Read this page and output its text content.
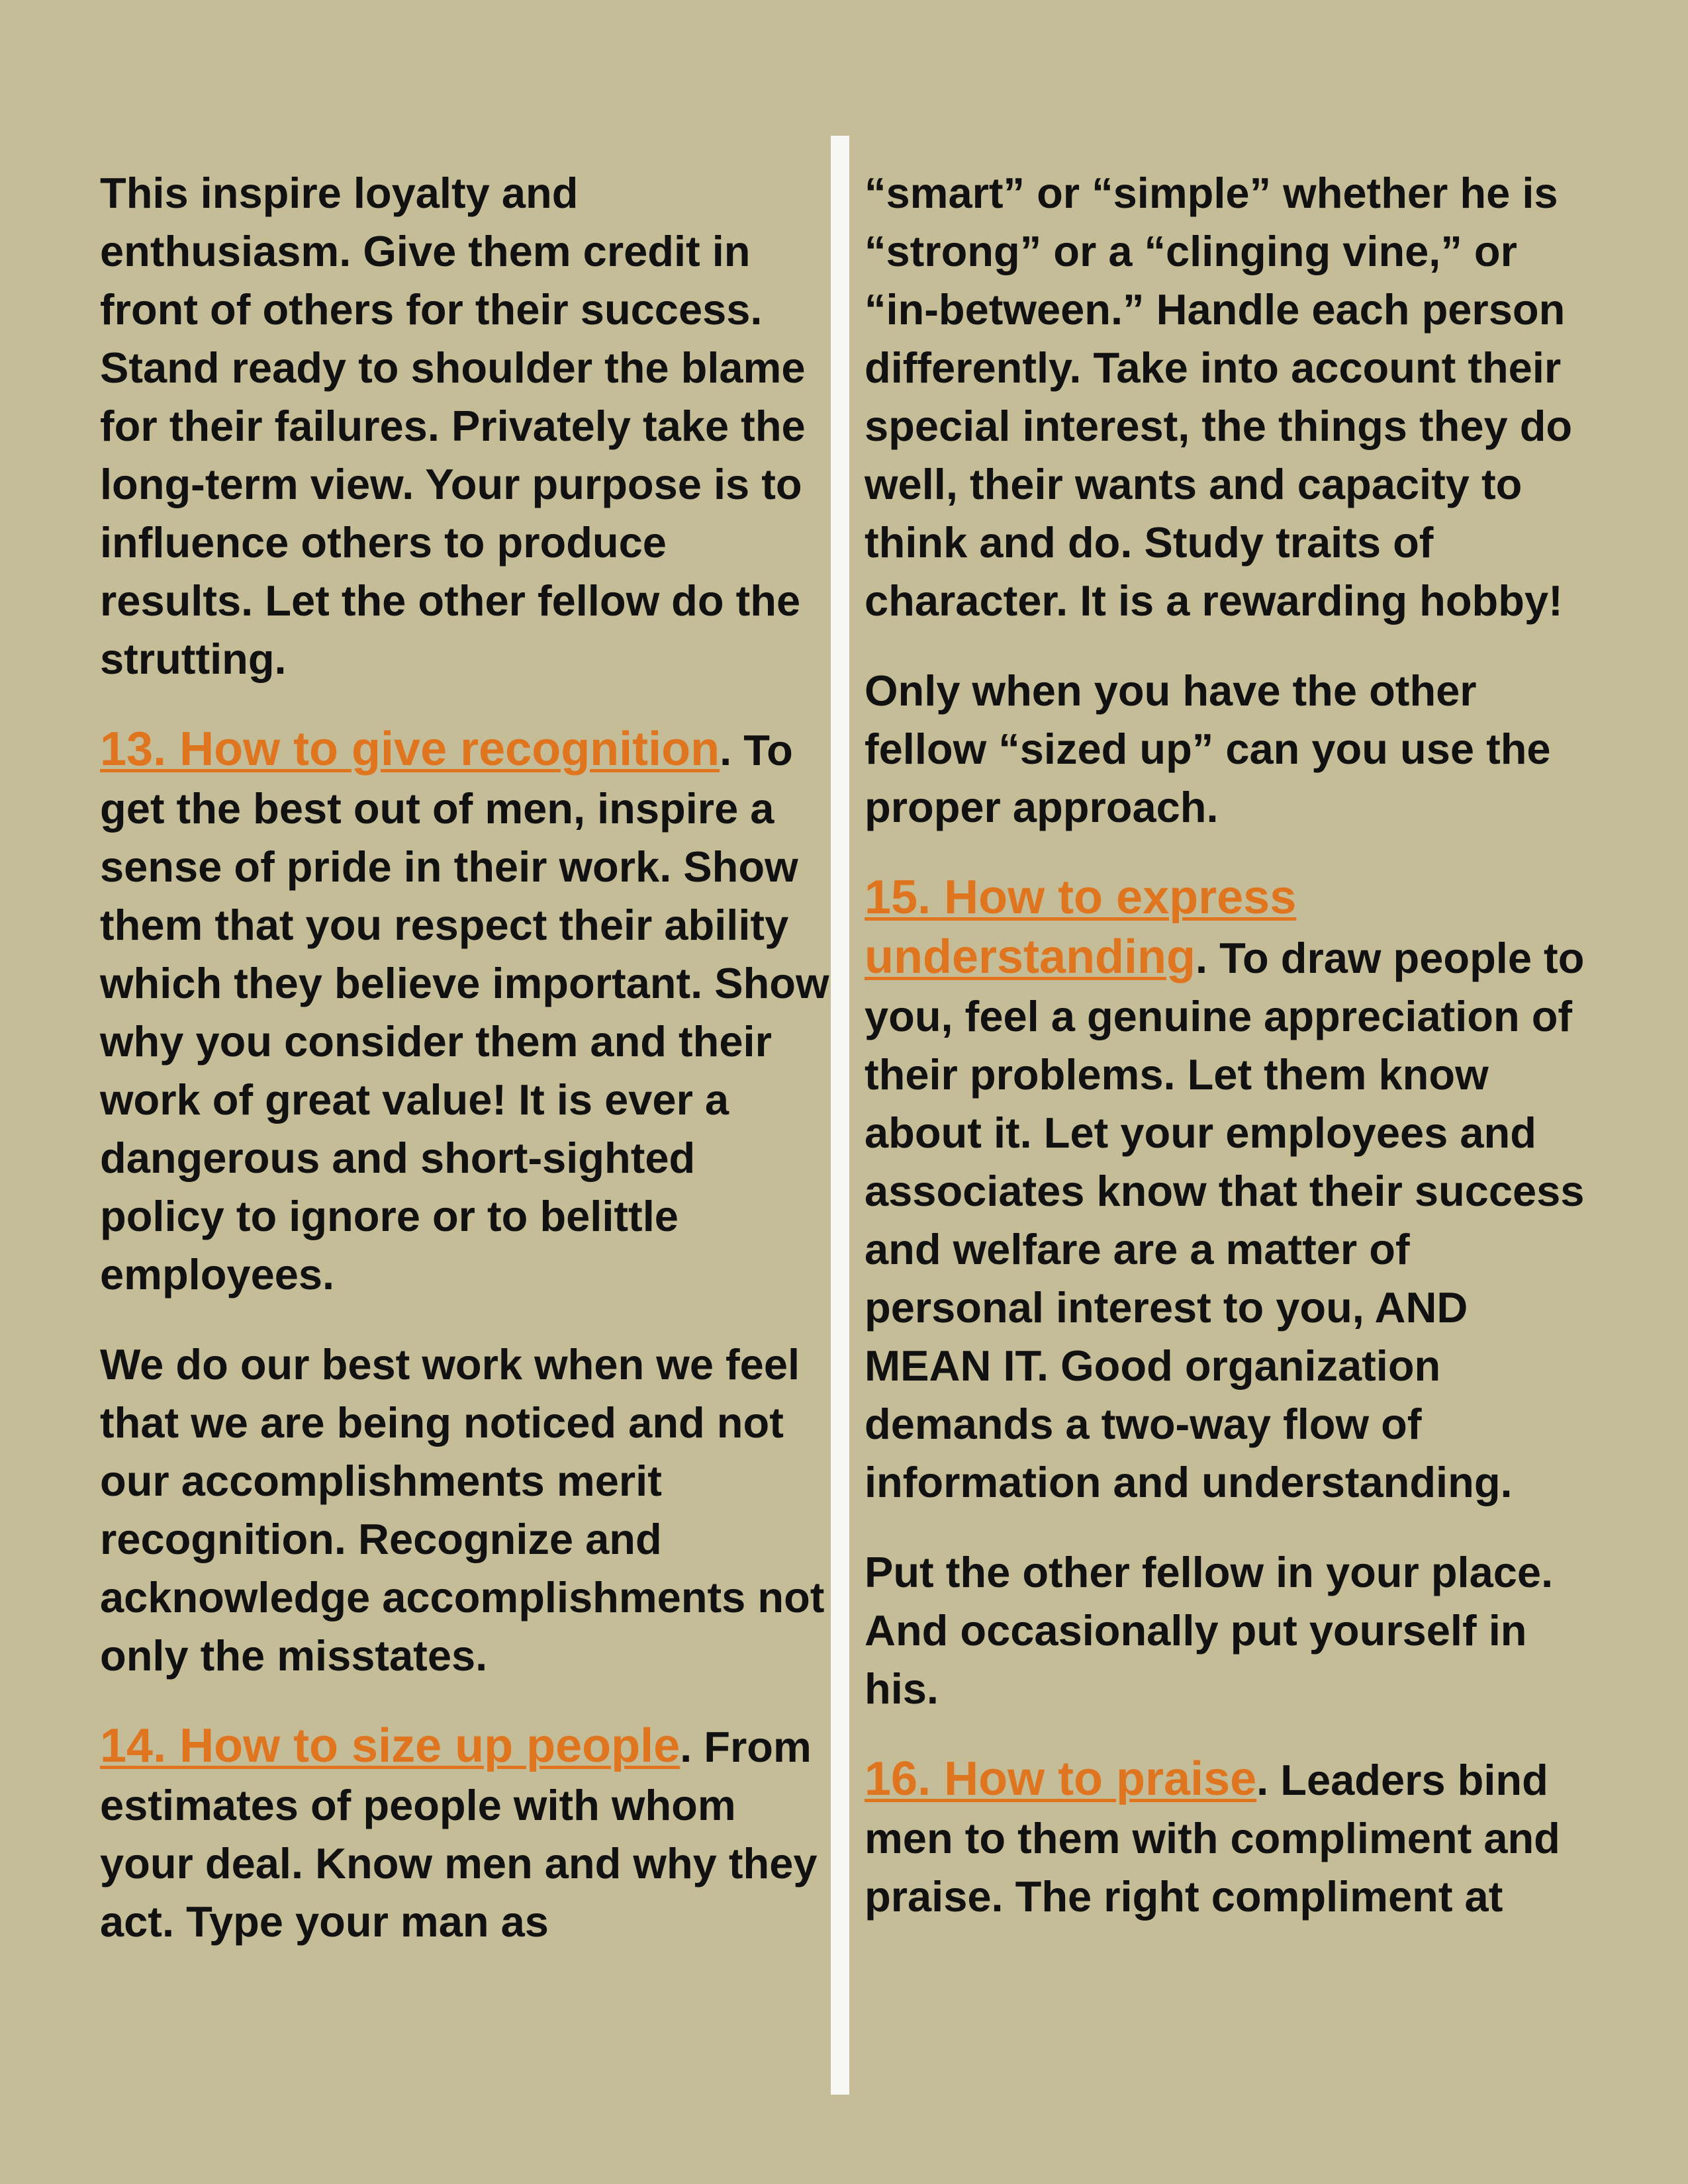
This inspire loyalty and enthusiasm. Give them credit in front of others for their success. Stand ready to shoulder the blame for their failures. Privately take the long-term view. Your purpose is to influence others to produce results. Let the other fellow do the strutting.

13. How to give recognition. To get the best out of men, inspire a sense of pride in their work. Show them that you respect their ability which they believe important. Show why you consider them and their work of great value! It is ever a dangerous and short-sighted policy to ignore or to belittle employees.

We do our best work when we feel that we are being noticed and not our accomplishments merit recognition. Recognize and acknowledge accomplishments not only the misstates.

14. How to size up people. From estimates of people with whom your deal. Know men and why they act. Type your man as

“smart” or “simple” whether he is “strong” or a “clinging vine,” or “in-between.” Handle each person differently. Take into account their special interest, the things they do well, their wants and capacity to think and do. Study traits of character. It is a rewarding hobby!

Only when you have the other fellow “sized up” can you use the proper approach.

15. How to express understanding. To draw people to you, feel a genuine appreciation of their problems. Let them know about it. Let your employees and associates know that their success and welfare are a matter of personal interest to you, AND MEAN IT. Good organization demands a two-way flow of information and understanding.

Put the other fellow in your place. And occasionally put yourself in his.

16. How to praise. Leaders bind men to them with compliment and praise. The right compliment at
